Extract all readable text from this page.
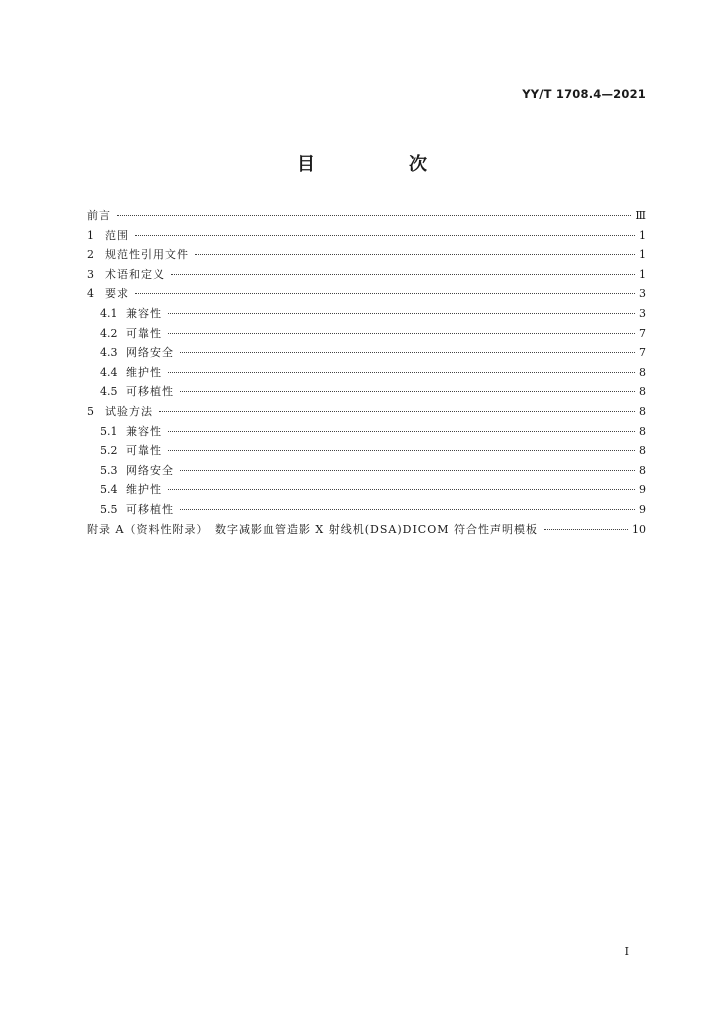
YY/T 1708.4—2021
目　次
前言	Ⅲ
1	范围	1
2	规范性引用文件	1
3	术语和定义	1
4	要求	3
4.1 兼容性	3
4.2 可靠性	7
4.3 网络安全	7
4.4 维护性	8
4.5 可移植性	8
5	试验方法	8
5.1 兼容性	8
5.2 可靠性	8
5.3 网络安全	8
5.4 维护性	9
5.5 可移植性	9
附录 A（资料性附录）　数字减影血管造影 X 射线机(DSA)DICOM 符合性声明模板	10
I
